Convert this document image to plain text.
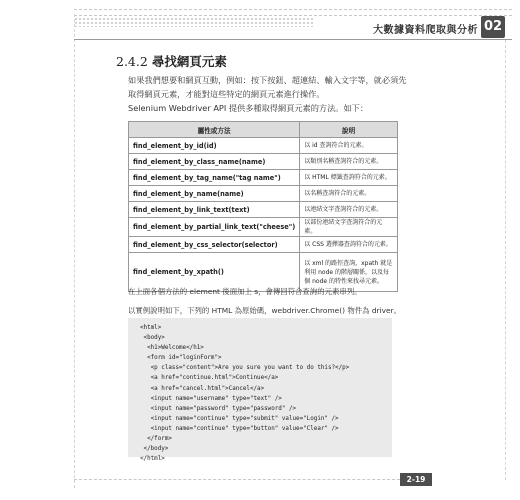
大數據資料爬取與分析 02
2.4.2 尋找網頁元素
如果我們想要和網頁互動，例如：按下按鈕、超連結、輸入文字等，就必須先取得網頁元素，才能對這些特定的網頁元素進行操作。
Selenium Webdriver API 提供多種取得網頁元素的方法。如下：
屬性或方法	說明
find_element_by_id(id)	以 id 查詢符合的元素。
find_element_by_class_name(name)	以類別名稱查詢符合的元素。
find_element_by_tag_name("tag name")	以 HTML 標籤查詢符合的元素。
find_element_by_name(name)	以名稱查詢符合的元素。
find_element_by_link_text(text)	以連結文字查詢符合的元素。
find_element_by_partial_link_text("cheese")	以部份連結文字查詢符合的元素。
find_element_by_css_selector(selector)	以 CSS 選擇器查詢符合的元素。
find_element_by_xpath()	以 xml 的路徑查詢，xpath 就是利用 node 的階層關係，以及每個 node 的特性來找尋元素。
在上面各個方法的 element 後面加上 s，會傳回符合查詢的元素串列。
以實例說明如下，下列的 HTML 為原始碼，webdriver.Chrome() 物件為 driver。
<html>
<body>
<h1>Welcome</h1>
<form id="loginForm">
<p class="content">Are you sure you want to do this?</p>
<a href="continue.html">Continue</a>
<a href="cancel.html">Cancel</a>
<input name="username" type="text" />
<input name="password" type="password" />
<input name="continue" type="submit" value="Login" />
<input name="continue" type="button" value="Clear" />
</form>
</body>
</html>
2-19
